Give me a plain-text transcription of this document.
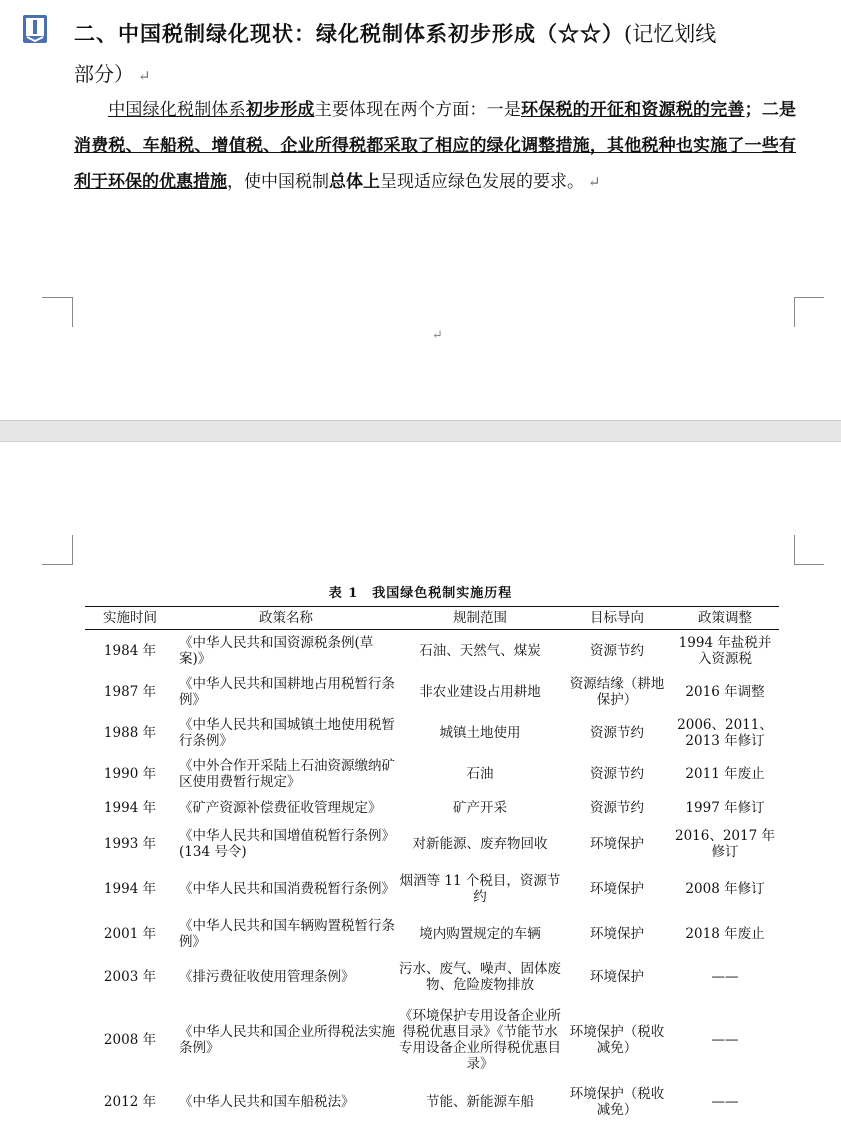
二、中国税制绿化现状：绿化税制体系初步形成（☆☆）(记忆划线
部分） ↵
中国绿化税制体系初步形成主要体现在两个方面：一是环保税的开征和资源税的完善；二是消费税、车船税、增值税、企业所得税都采取了相应的绿化调整措施，其他税种也实施了一些有利于环保的优惠措施，使中国税制总体上呈现适应绿色发展的要求。 ↵
↵
表 1　我国绿色税制实施历程
实施时间	政策名称	规制范围	目标导向	政策调整
1984 年	《中华人民共和国资源税条例(草案)》	石油、天然气、煤炭	资源节约	1994 年盐税并入资源税
1987 年	《中华人民共和国耕地占用税暂行条例》	非农业建设占用耕地	资源结缘（耕地保护）	2016 年调整
1988 年	《中华人民共和国城镇土地使用税暂行条例》	城镇土地使用	资源节约	2006、2011、2013 年修订
1990 年	《中外合作开采陆上石油资源缴纳矿区使用费暂行规定》	石油	资源节约	2011 年废止
1994 年	《矿产资源补偿费征收管理规定》	矿产开采	资源节约	1997 年修订
1993 年	《中华人民共和国增值税暂行条例》(134 号令)	对新能源、废弃物回收	环境保护	2016、2017 年修订
1994 年	《中华人民共和国消费税暂行条例》	烟酒等 11 个税目，资源节约	环境保护	2008 年修订
2001 年	《中华人民共和国车辆购置税暂行条例》	境内购置规定的车辆	环境保护	2018 年废止
2003 年	《排污费征收使用管理条例》	污水、废气、噪声、固体废物、危险废物排放	环境保护	——
2008 年	《中华人民共和国企业所得税法实施条例》	《环境保护专用设备企业所得税优惠目录》《节能节水专用设备企业所得税优惠目录》	环境保护（税收减免）	——
2012 年	《中华人民共和国车船税法》	节能、新能源车船	环境保护（税收减免）	——
